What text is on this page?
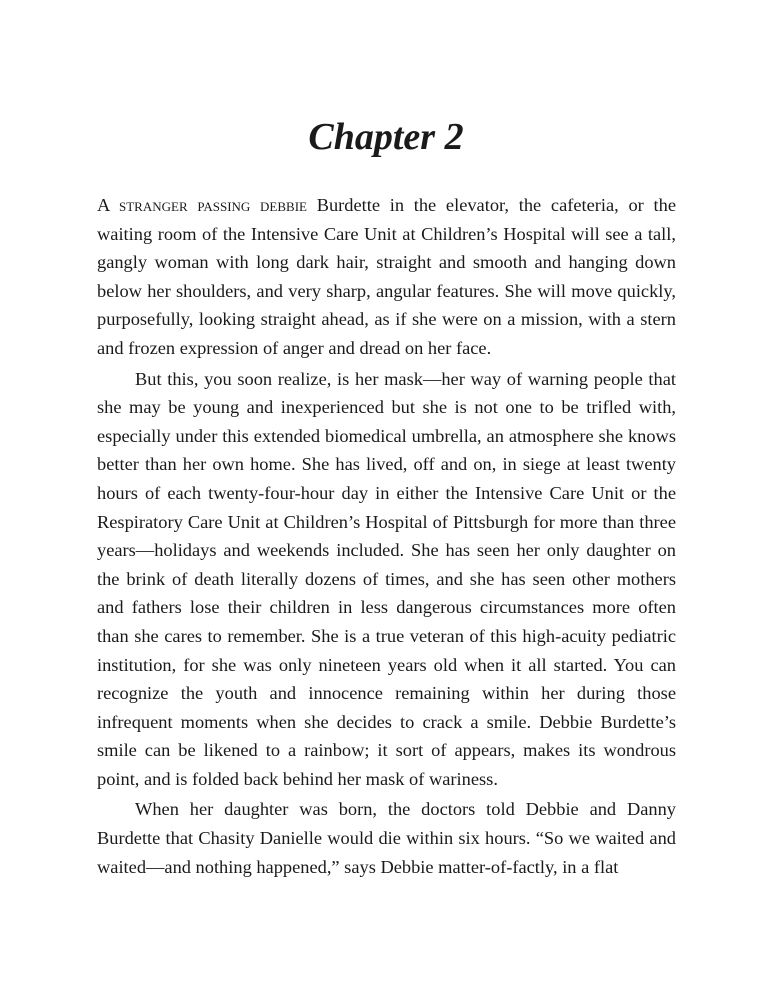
Chapter 2

A stranger passing debbie Burdette in the elevator, the cafeteria, or the waiting room of the Intensive Care Unit at Children’s Hospital will see a tall, gangly woman with long dark hair, straight and smooth and hanging down below her shoulders, and very sharp, angular features. She will move quickly, purposefully, looking straight ahead, as if she were on a mission, with a stern and frozen expression of anger and dread on her face.

But this, you soon realize, is her mask—her way of warning people that she may be young and inexperienced but she is not one to be trifled with, especially under this extended biomedical umbrella, an atmosphere she knows better than her own home. She has lived, off and on, in siege at least twenty hours of each twenty-four-hour day in either the Intensive Care Unit or the Respiratory Care Unit at Children’s Hospital of Pittsburgh for more than three years—holidays and weekends included. She has seen her only daughter on the brink of death literally dozens of times, and she has seen other mothers and fathers lose their children in less dangerous circumstances more often than she cares to remember. She is a true veteran of this high-acuity pediatric institution, for she was only nineteen years old when it all started. You can recognize the youth and innocence remaining within her during those infrequent moments when she decides to crack a smile. Debbie Burdette’s smile can be likened to a rainbow; it sort of appears, makes its wondrous point, and is folded back behind her mask of wariness.

When her daughter was born, the doctors told Debbie and Danny Burdette that Chasity Danielle would die within six hours. “So we waited and waited—and nothing happened,” says Debbie matter-of-factly, in a flat
